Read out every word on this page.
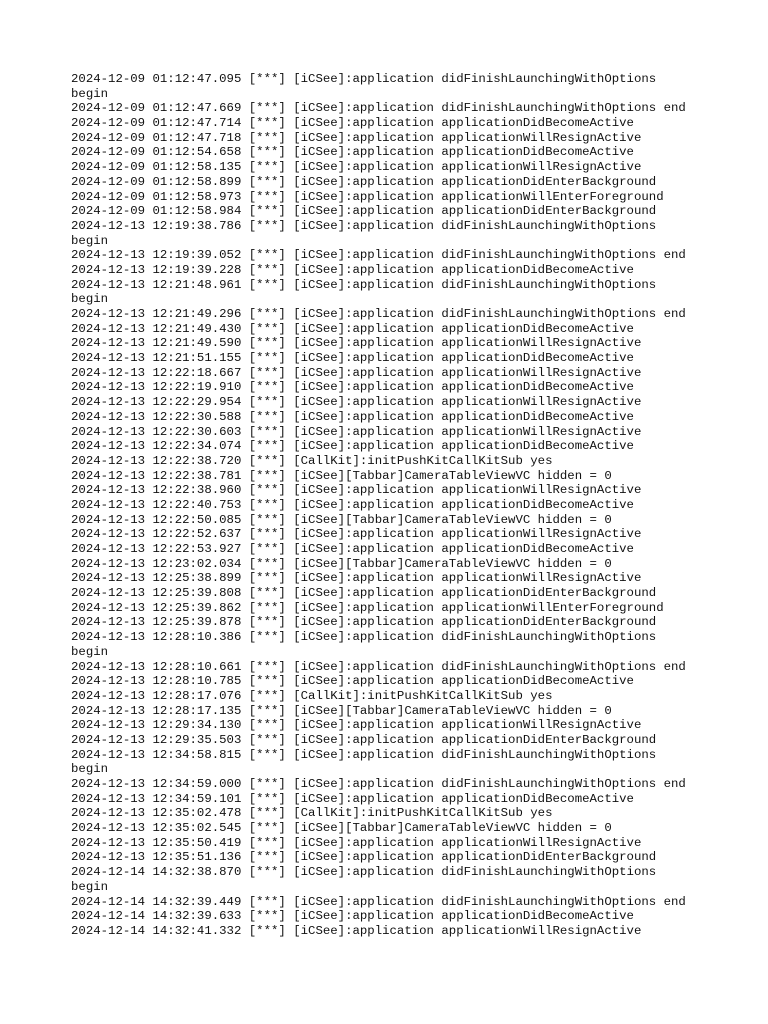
2024-12-09 01:12:47.095 [***] [iCSee]:application didFinishLaunchingWithOptions
begin
2024-12-09 01:12:47.669 [***] [iCSee]:application didFinishLaunchingWithOptions end
2024-12-09 01:12:47.714 [***] [iCSee]:application applicationDidBecomeActive
2024-12-09 01:12:47.718 [***] [iCSee]:application applicationWillResignActive
2024-12-09 01:12:54.658 [***] [iCSee]:application applicationDidBecomeActive
2024-12-09 01:12:58.135 [***] [iCSee]:application applicationWillResignActive
2024-12-09 01:12:58.899 [***] [iCSee]:application applicationDidEnterBackground
2024-12-09 01:12:58.973 [***] [iCSee]:application applicationWillEnterForeground
2024-12-09 01:12:58.984 [***] [iCSee]:application applicationDidEnterBackground
2024-12-13 12:19:38.786 [***] [iCSee]:application didFinishLaunchingWithOptions
begin
2024-12-13 12:19:39.052 [***] [iCSee]:application didFinishLaunchingWithOptions end
2024-12-13 12:19:39.228 [***] [iCSee]:application applicationDidBecomeActive
2024-12-13 12:21:48.961 [***] [iCSee]:application didFinishLaunchingWithOptions
begin
2024-12-13 12:21:49.296 [***] [iCSee]:application didFinishLaunchingWithOptions end
2024-12-13 12:21:49.430 [***] [iCSee]:application applicationDidBecomeActive
2024-12-13 12:21:49.590 [***] [iCSee]:application applicationWillResignActive
2024-12-13 12:21:51.155 [***] [iCSee]:application applicationDidBecomeActive
2024-12-13 12:22:18.667 [***] [iCSee]:application applicationWillResignActive
2024-12-13 12:22:19.910 [***] [iCSee]:application applicationDidBecomeActive
2024-12-13 12:22:29.954 [***] [iCSee]:application applicationWillResignActive
2024-12-13 12:22:30.588 [***] [iCSee]:application applicationDidBecomeActive
2024-12-13 12:22:30.603 [***] [iCSee]:application applicationWillResignActive
2024-12-13 12:22:34.074 [***] [iCSee]:application applicationDidBecomeActive
2024-12-13 12:22:38.720 [***] [CallKit]:initPushKitCallKitSub yes
2024-12-13 12:22:38.781 [***] [iCSee][Tabbar]CameraTableViewVC hidden = 0
2024-12-13 12:22:38.960 [***] [iCSee]:application applicationWillResignActive
2024-12-13 12:22:40.753 [***] [iCSee]:application applicationDidBecomeActive
2024-12-13 12:22:50.085 [***] [iCSee][Tabbar]CameraTableViewVC hidden = 0
2024-12-13 12:22:52.637 [***] [iCSee]:application applicationWillResignActive
2024-12-13 12:22:53.927 [***] [iCSee]:application applicationDidBecomeActive
2024-12-13 12:23:02.034 [***] [iCSee][Tabbar]CameraTableViewVC hidden = 0
2024-12-13 12:25:38.899 [***] [iCSee]:application applicationWillResignActive
2024-12-13 12:25:39.808 [***] [iCSee]:application applicationDidEnterBackground
2024-12-13 12:25:39.862 [***] [iCSee]:application applicationWillEnterForeground
2024-12-13 12:25:39.878 [***] [iCSee]:application applicationDidEnterBackground
2024-12-13 12:28:10.386 [***] [iCSee]:application didFinishLaunchingWithOptions
begin
2024-12-13 12:28:10.661 [***] [iCSee]:application didFinishLaunchingWithOptions end
2024-12-13 12:28:10.785 [***] [iCSee]:application applicationDidBecomeActive
2024-12-13 12:28:17.076 [***] [CallKit]:initPushKitCallKitSub yes
2024-12-13 12:28:17.135 [***] [iCSee][Tabbar]CameraTableViewVC hidden = 0
2024-12-13 12:29:34.130 [***] [iCSee]:application applicationWillResignActive
2024-12-13 12:29:35.503 [***] [iCSee]:application applicationDidEnterBackground
2024-12-13 12:34:58.815 [***] [iCSee]:application didFinishLaunchingWithOptions
begin
2024-12-13 12:34:59.000 [***] [iCSee]:application didFinishLaunchingWithOptions end
2024-12-13 12:34:59.101 [***] [iCSee]:application applicationDidBecomeActive
2024-12-13 12:35:02.478 [***] [CallKit]:initPushKitCallKitSub yes
2024-12-13 12:35:02.545 [***] [iCSee][Tabbar]CameraTableViewVC hidden = 0
2024-12-13 12:35:50.419 [***] [iCSee]:application applicationWillResignActive
2024-12-13 12:35:51.136 [***] [iCSee]:application applicationDidEnterBackground
2024-12-14 14:32:38.870 [***] [iCSee]:application didFinishLaunchingWithOptions
begin
2024-12-14 14:32:39.449 [***] [iCSee]:application didFinishLaunchingWithOptions end
2024-12-14 14:32:39.633 [***] [iCSee]:application applicationDidBecomeActive
2024-12-14 14:32:41.332 [***] [iCSee]:application applicationWillResignActive
